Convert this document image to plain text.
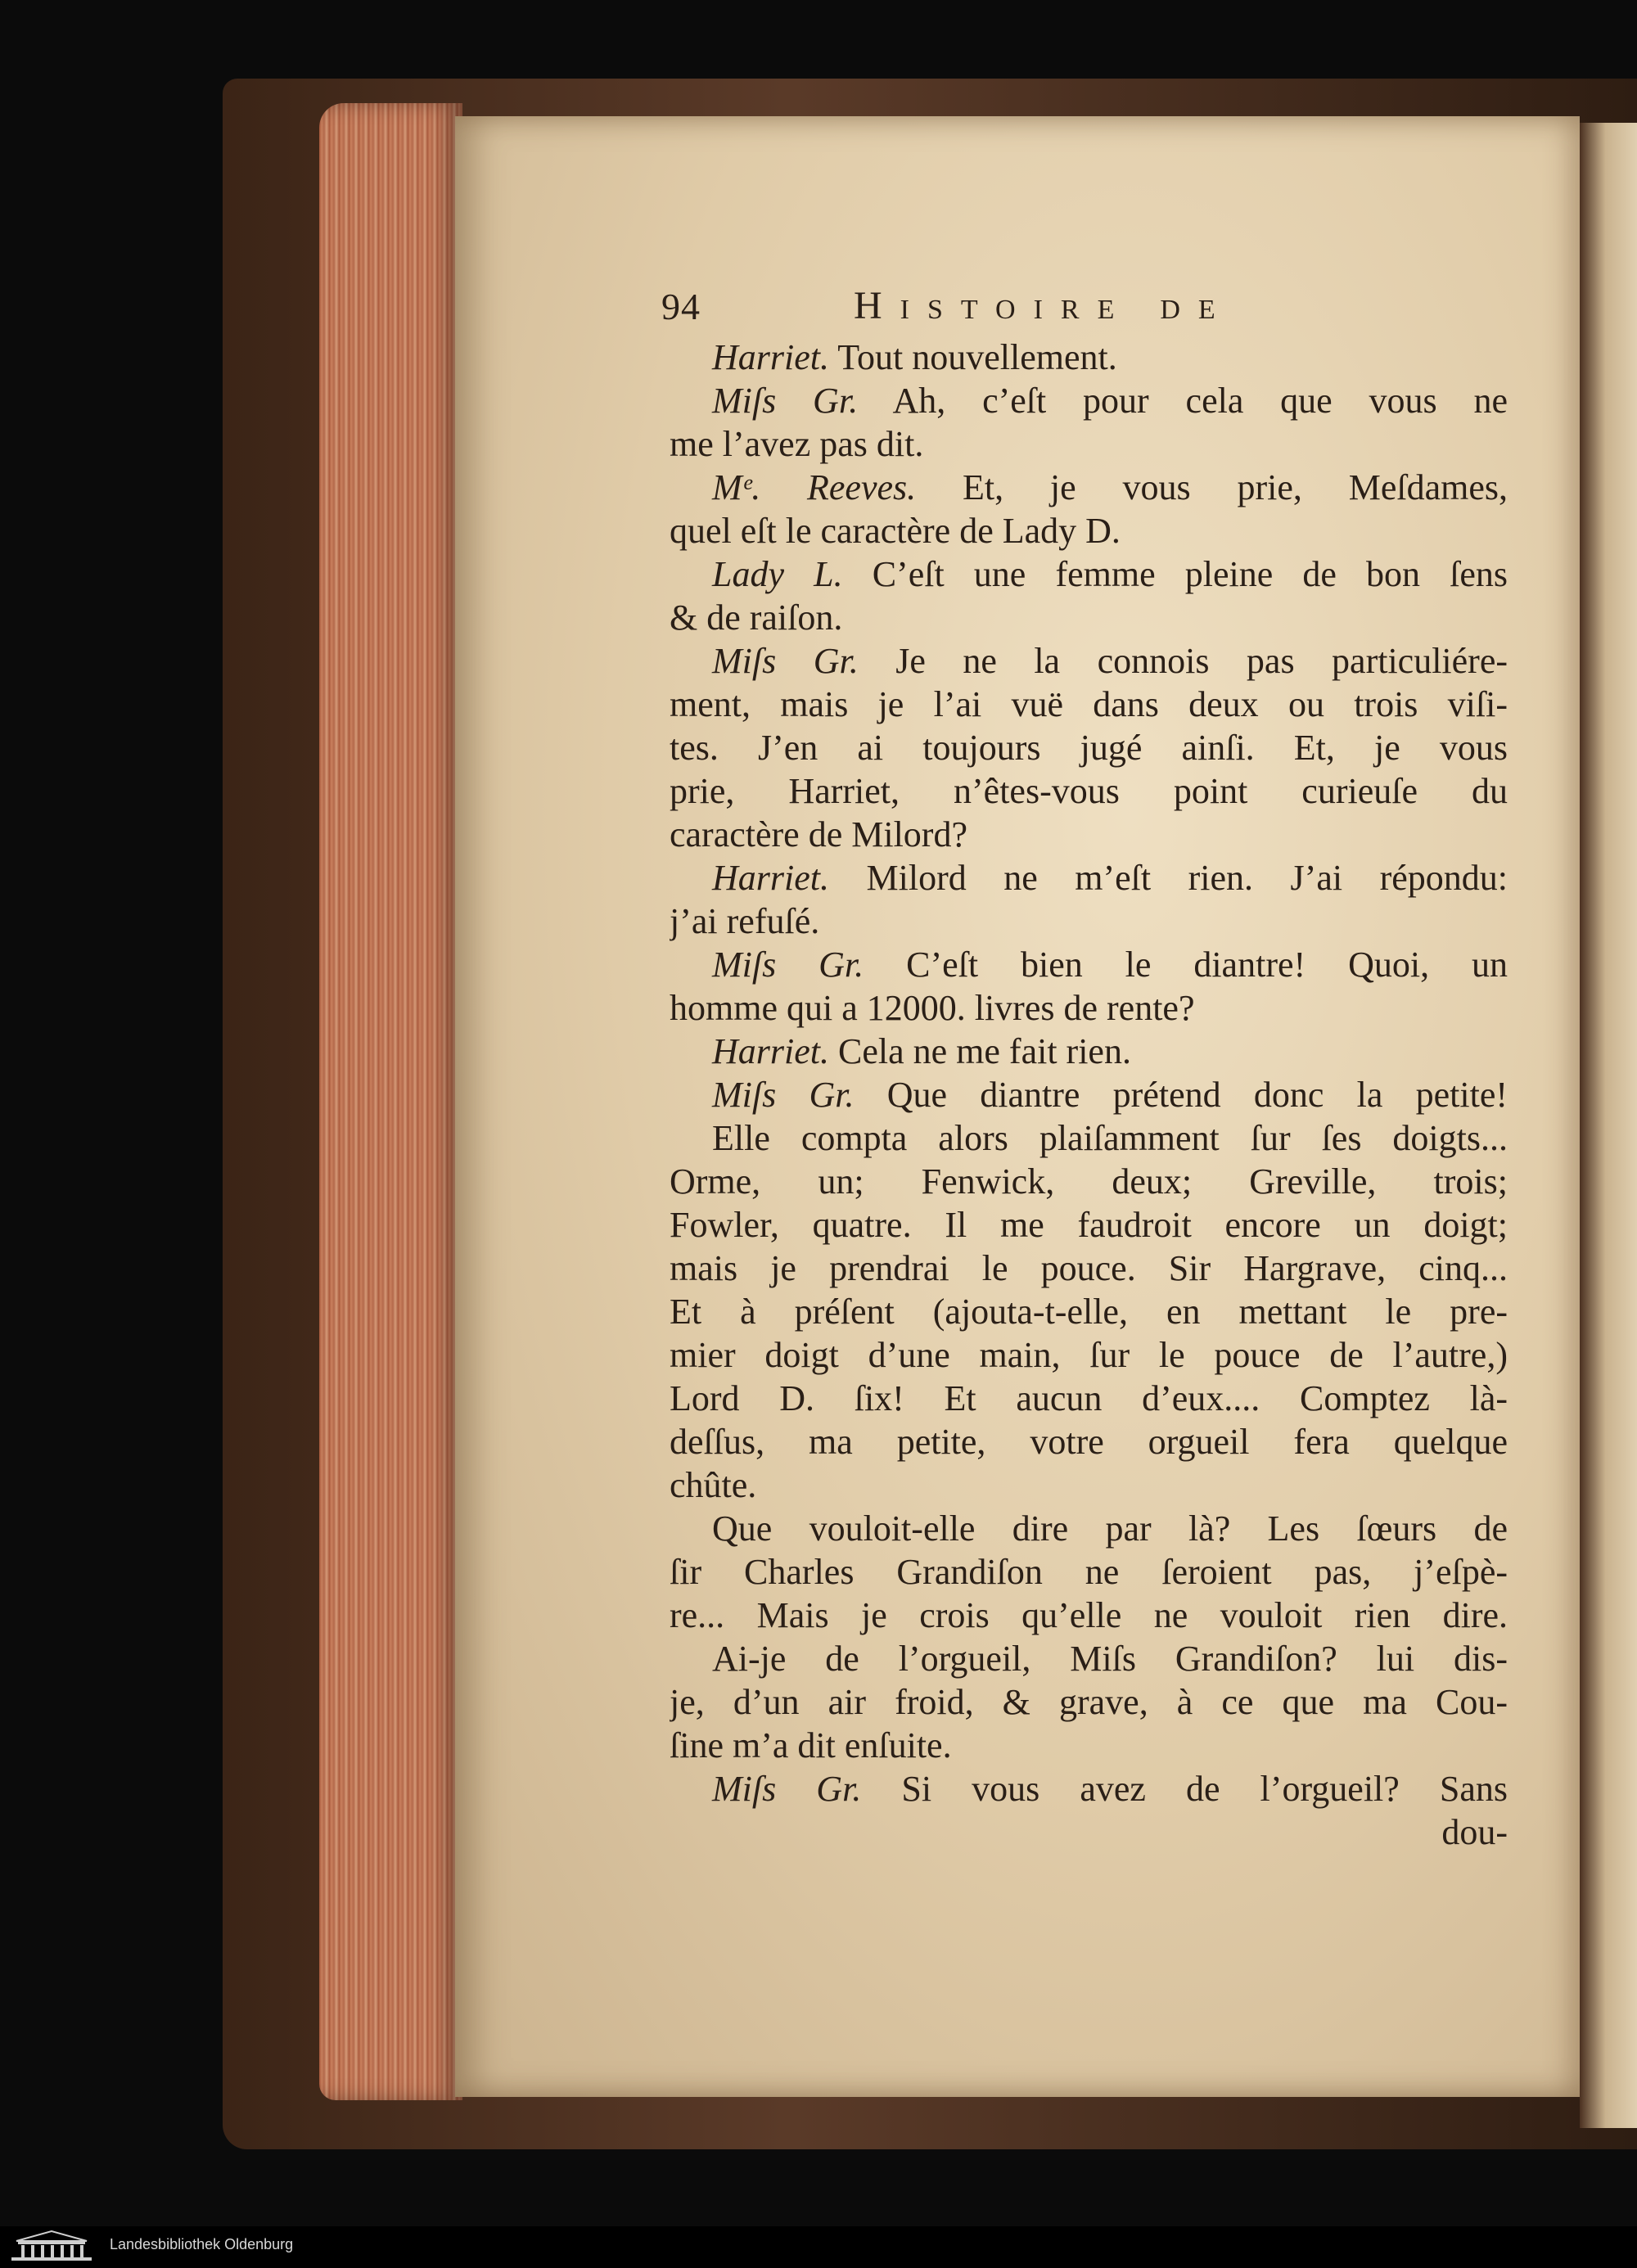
94	Histoire de
Harriet. Tout nouvellement.
Miſs Gr. Ah, c’eſt pour cela que vous ne
me l’avez pas dit.
Mᵉ. Reeves. Et, je vous prie, Meſdames,
quel eſt le caractère de Lady D.
Lady L. C’eſt une femme pleine de bon ſens
& de raiſon.
Miſs Gr. Je ne la connois pas particuliére-
ment, mais je l’ai vuë dans deux ou trois viſi-
tes. J’en ai toujours jugé ainſi. Et, je vous
prie, Harriet, n’êtes-vous point curieuſe du
caractère de Milord?
Harriet. Milord ne m’eſt rien. J’ai répondu:
j’ai refuſé.
Miſs Gr. C’eſt bien le diantre! Quoi, un
homme qui a 12000. livres de rente?
Harriet. Cela ne me fait rien.
Miſs Gr. Que diantre prétend donc la petite!
Elle compta alors plaiſamment ſur ſes doigts...
Orme, un; Fenwick, deux; Greville, trois;
Fowler, quatre. Il me faudroit encore un doigt;
mais je prendrai le pouce. Sir Hargrave, cinq...
Et à préſent (ajouta-t-elle, en mettant le pre-
mier doigt d’une main, ſur le pouce de l’autre,)
Lord D. ſix! Et aucun d’eux.... Comptez là-
deſſus, ma petite, votre orgueil fera quelque
chûte.
Que vouloit-elle dire par là? Les ſœurs de
ſir Charles Grandiſon ne ſeroient pas, j’eſpè-
re... Mais je crois qu’elle ne vouloit rien dire.
Ai-je de l’orgueil, Miſs Grandiſon? lui dis-
je, d’un air froid, & grave, à ce que ma Cou-
ſine m’a dit enſuite.
Miſs Gr. Si vous avez de l’orgueil? Sans
dou-
Landesbibliothek Oldenburg
